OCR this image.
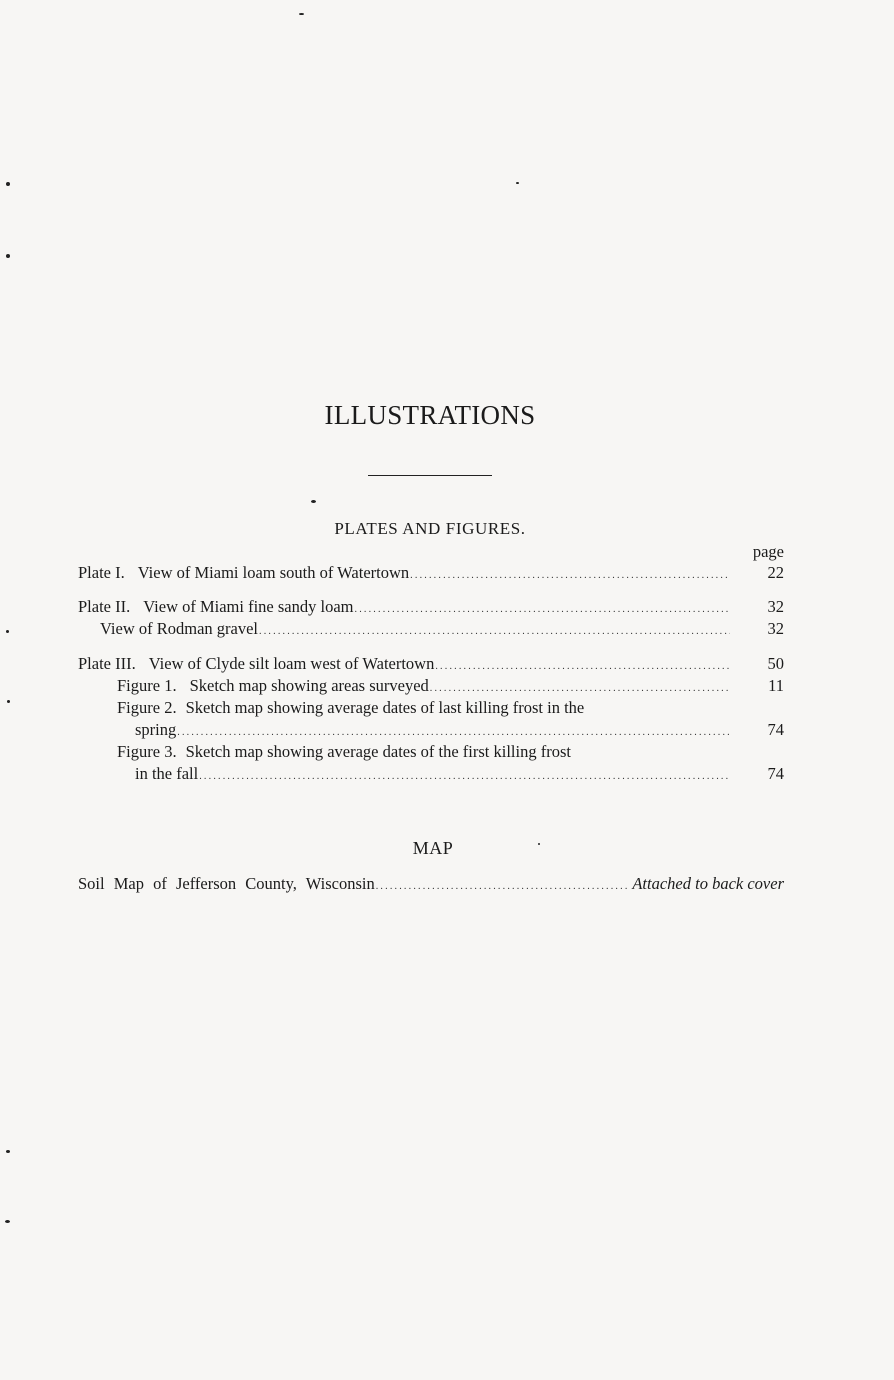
ILLUSTRATIONS
PLATES AND FIGURES.
page
Plate I. View of Miami loam south of Watertown .....	22
Plate II. View of Miami fine sandy loam .....	32
View of Rodman gravel .....	32
Plate III. View of Clyde silt loam west of Watertown .....	50
Figure 1. Sketch map showing areas surveyed .....	11
Figure 2. Sketch map showing average dates of last killing frost in the
spring .....	74
Figure 3. Sketch map showing average dates of the first killing frost
in the fall .....	74
MAP
Soil Map of Jefferson County, Wisconsin .....	Attached to back cover
